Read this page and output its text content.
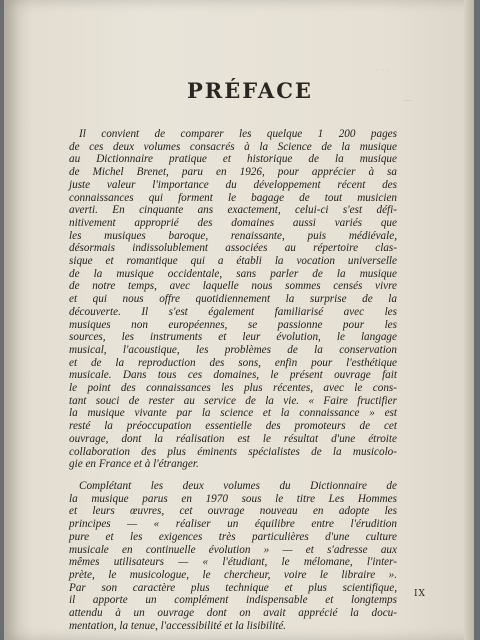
· · ·
—
PRÉFACE
Il convient de comparer les quelque 1 200 pages
de ces deux volumes consacrés à la Science de la musique
au Dictionnaire pratique et historique de la musique
de Michel Brenet, paru en 1926, pour apprécier à sa
juste valeur l'importance du développement récent des
connaissances qui forment le bagage de tout musicien
averti. En cinquante ans exactement, celui-ci s'est défi-
nitivement approprié des domaines aussi variés que
les musiques baroque, renaissante, puis médiévale,
désormais indissolublement associées au répertoire clas-
sique et romantique qui a établi la vocation universelle
de la musique occidentale, sans parler de la musique
de notre temps, avec laquelle nous sommes censés vivre
et qui nous offre quotidiennement la surprise de la
découverte. Il s'est également familiarisé avec les
musiques non européennes, se passionne pour les
sources, les instruments et leur évolution, le langage
musical, l'acoustique, les problèmes de la conservation
et de la reproduction des sons, enfin pour l'esthétique
musicale. Dans tous ces domaines, le présent ouvrage fait
le point des connaissances les plus récentes, avec le cons-
tant souci de rester au service de la vie. « Faire fructifier
la musique vivante par la science et la connaissance » est
resté la préoccupation essentielle des promoteurs de cet
ouvrage, dont la réalisation est le résultat d'une étroite
collaboration des plus éminents spécialistes de la musicolo-
gie en France et à l'étranger.
Complétant les deux volumes du Dictionnaire de
la musique parus en 1970 sous le titre Les Hommes
et leurs œuvres, cet ouvrage nouveau en adopte les
principes — « réaliser un équilibre entre l'érudition
pure et les exigences très particulières d'une culture
musicale en continuelle évolution » — et s'adresse aux
mêmes utilisateurs — « l'étudiant, le mélomane, l'inter-
prète, le musicologue, le chercheur, voire le libraire ».
Par son caractère plus technique et plus scientifique,
il apporte un complément indispensable et longtemps
attendu à un ouvrage dont on avait apprécié la docu-
mentation, la tenue, l'accessibilité et la lisibilité.

IX
